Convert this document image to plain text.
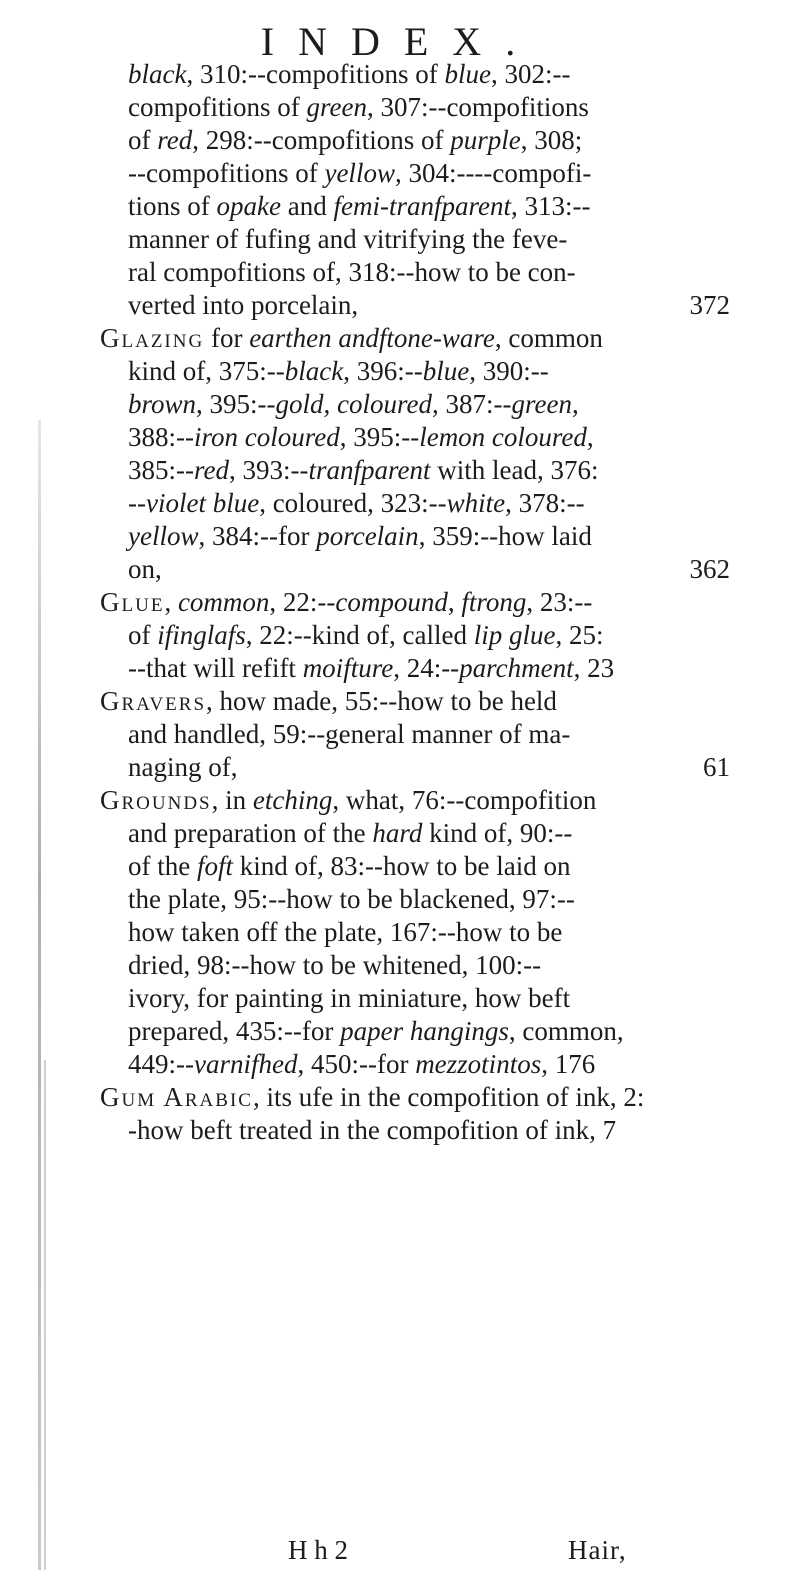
INDEX.
black, 310:--compofitions of blue, 302:--
compofitions of green, 307:--compofitions
of red, 298:--compofitions of purple, 308;
--compofitions of yellow, 304:----compofi-
tions of opake and femi-tranfparent, 313:--
manner of fufing and vitrifying the feve-
ral compofitions of, 318:--how to be con-
verted into porcelain,	372
Glazing for earthen andftone-ware, common
kind of, 375:--black, 396:--blue, 390:--
brown, 395:--gold, coloured, 387:--green,
388:--iron coloured, 395:--lemon coloured,
385:--red, 393:--tranfparent with lead, 376:
--violet blue, coloured, 323:--white, 378:--
yellow, 384:--for porcelain, 359:--how laid
on,	362
Glue, common, 22:--compound, ftrong, 23:--
of ifinglafs, 22:--kind of, called lip glue, 25:
--that will refift moifture, 24:--parchment, 23
Gravers, how made, 55:--how to be held
and handled, 59:--general manner of ma-
naging of,	61
Grounds, in etching, what, 76:--compofition
and preparation of the hard kind of, 90:--
of the foft kind of, 83:--how to be laid on
the plate, 95:--how to be blackened, 97:--
how taken off the plate, 167:--how to be
dried, 98:--how to be whitened, 100:--
ivory, for painting in miniature, how beft
prepared, 435:--for paper hangings, common,
449:--varnifhed, 450:--for mezzotintos, 176
Gum Arabic, its ufe in the compofition of ink, 2:
-how beft treated in the compofition of ink, 7
H h 2	Hair,
